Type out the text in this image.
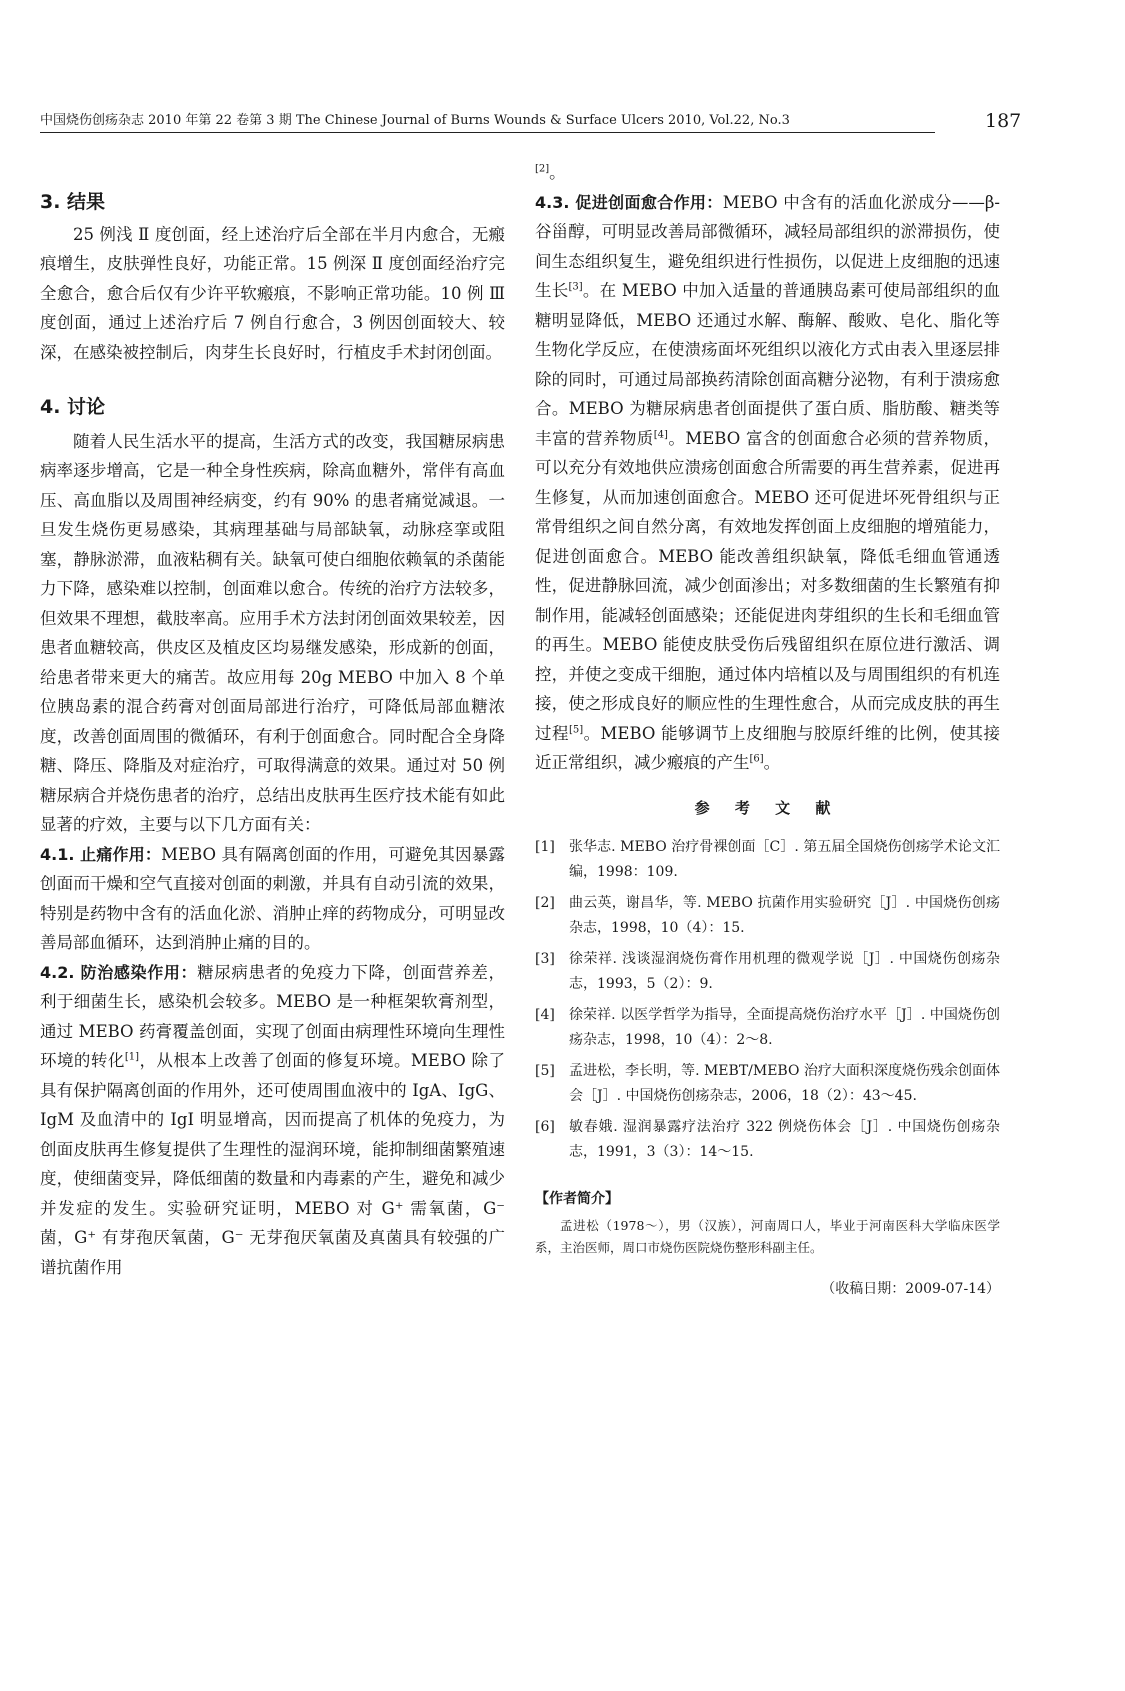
中国烧伤创疡杂志 2010 年第 22 卷第 3 期 The Chinese Journal of Burns Wounds & Surface Ulcers 2010, Vol.22, No.3	187
3. 结果

25 例浅 Ⅱ 度创面，经上述治疗后全部在半月内愈合，无瘢痕增生，皮肤弹性良好，功能正常。15 例深 Ⅱ 度创面经治疗完全愈合，愈合后仅有少许平软瘢痕，不影响正常功能。10 例 Ⅲ 度创面，通过上述治疗后 7 例自行愈合，3 例因创面较大、较深，在感染被控制后，肉芽生长良好时，行植皮手术封闭创面。

4. 讨论

随着人民生活水平的提高，生活方式的改变，我国糖尿病患病率逐步增高，它是一种全身性疾病，除高血糖外，常伴有高血压、高血脂以及周围神经病变，约有 90% 的患者痛觉减退。一旦发生烧伤更易感染，其病理基础与局部缺氧，动脉痉挛或阻塞，静脉淤滞，血液粘稠有关。缺氧可使白细胞依赖氧的杀菌能力下降，感染难以控制，创面难以愈合。传统的治疗方法较多，但效果不理想，截肢率高。应用手术方法封闭创面效果较差，因患者血糖较高，供皮区及植皮区均易继发感染，形成新的创面，给患者带来更大的痛苦。故应用每 20g MEBO 中加入 8 个单位胰岛素的混合药膏对创面局部进行治疗，可降低局部血糖浓度，改善创面周围的微循环，有利于创面愈合。同时配合全身降糖、降压、降脂及对症治疗，可取得满意的效果。通过对 50 例糖尿病合并烧伤患者的治疗，总结出皮肤再生医疗技术能有如此显著的疗效，主要与以下几方面有关：

4.1. 止痛作用：MEBO 具有隔离创面的作用，可避免其因暴露创面而干燥和空气直接对创面的刺激，并具有自动引流的效果，特别是药物中含有的活血化淤、消肿止痒的药物成分，可明显改善局部血循环，达到消肿止痛的目的。

4.2. 防治感染作用：糖尿病患者的免疫力下降，创面营养差，利于细菌生长，感染机会较多。MEBO 是一种框架软膏剂型，通过 MEBO 药膏覆盖创面，实现了创面由病理性环境向生理性环境的转化[1]，从根本上改善了创面的修复环境。MEBO 除了具有保护隔离创面的作用外，还可使周围血液中的 IgA、IgG、IgM 及血清中的 IgI 明显增高，因而提高了机体的免疫力，为创面皮肤再生修复提供了生理性的湿润环境，能抑制细菌繁殖速度，使细菌变异，降低细菌的数量和内毒素的产生，避免和减少并发症的发生。实验研究证明，MEBO 对 G⁺ 需氧菌，G⁻ 菌，G⁺ 有芽孢厌氧菌，G⁻ 无芽孢厌氧菌及真菌具有较强的广谱抗菌作用

[2]。

4.3. 促进创面愈合作用：MEBO 中含有的活血化淤成分——β-谷甾醇，可明显改善局部微循环，减轻局部组织的淤滞损伤，使间生态组织复生，避免组织进行性损伤，以促进上皮细胞的迅速生长[3]。在 MEBO 中加入适量的普通胰岛素可使局部组织的血糖明显降低，MEBO 还通过水解、酶解、酸败、皂化、脂化等生物化学反应，在使溃疡面坏死组织以液化方式由表入里逐层排除的同时，可通过局部换药清除创面高糖分泌物，有利于溃疡愈合。MEBO 为糖尿病患者创面提供了蛋白质、脂肪酸、糖类等丰富的营养物质[4]。MEBO 富含的创面愈合必须的营养物质，可以充分有效地供应溃疡创面愈合所需要的再生营养素，促进再生修复，从而加速创面愈合。MEBO 还可促进坏死骨组织与正常骨组织之间自然分离，有效地发挥创面上皮细胞的增殖能力，促进创面愈合。MEBO 能改善组织缺氧，降低毛细血管通透性，促进静脉回流，减少创面渗出；对多数细菌的生长繁殖有抑制作用，能减轻创面感染；还能促进肉芽组织的生长和毛细血管的再生。MEBO 能使皮肤受伤后残留组织在原位进行激活、调控，并使之变成干细胞，通过体内培植以及与周围组织的有机连接，使之形成良好的顺应性的生理性愈合，从而完成皮肤的再生过程[5]。MEBO 能够调节上皮细胞与胶原纤维的比例，使其接近正常组织，减少瘢痕的产生[6]。

参 考 文 献
[1]	张华志. MEBO 治疗骨裸创面［C］. 第五届全国烧伤创疡学术论文汇编，1998：109.
[2]	曲云英，谢昌华，等. MEBO 抗菌作用实验研究［J］. 中国烧伤创疡杂志，1998，10（4）：15.
[3]	徐荣祥. 浅谈湿润烧伤膏作用机理的微观学说［J］. 中国烧伤创疡杂志，1993，5（2）：9.
[4]	徐荣祥. 以医学哲学为指导，全面提高烧伤治疗水平［J］. 中国烧伤创疡杂志，1998，10（4）：2～8.
[5]	孟进松，李长明，等. MEBT/MEBO 治疗大面积深度烧伤残余创面体会［J］. 中国烧伤创疡杂志，2006，18（2）：43～45.
[6]	敏春娥. 湿润暴露疗法治疗 322 例烧伤体会［J］. 中国烧伤创疡杂志，1991，3（3）：14～15.
【作者简介】

孟进松（1978～），男（汉族），河南周口人，毕业于河南医科大学临床医学系，主治医师，周口市烧伤医院烧伤整形科副主任。

（收稿日期：2009-07-14）
